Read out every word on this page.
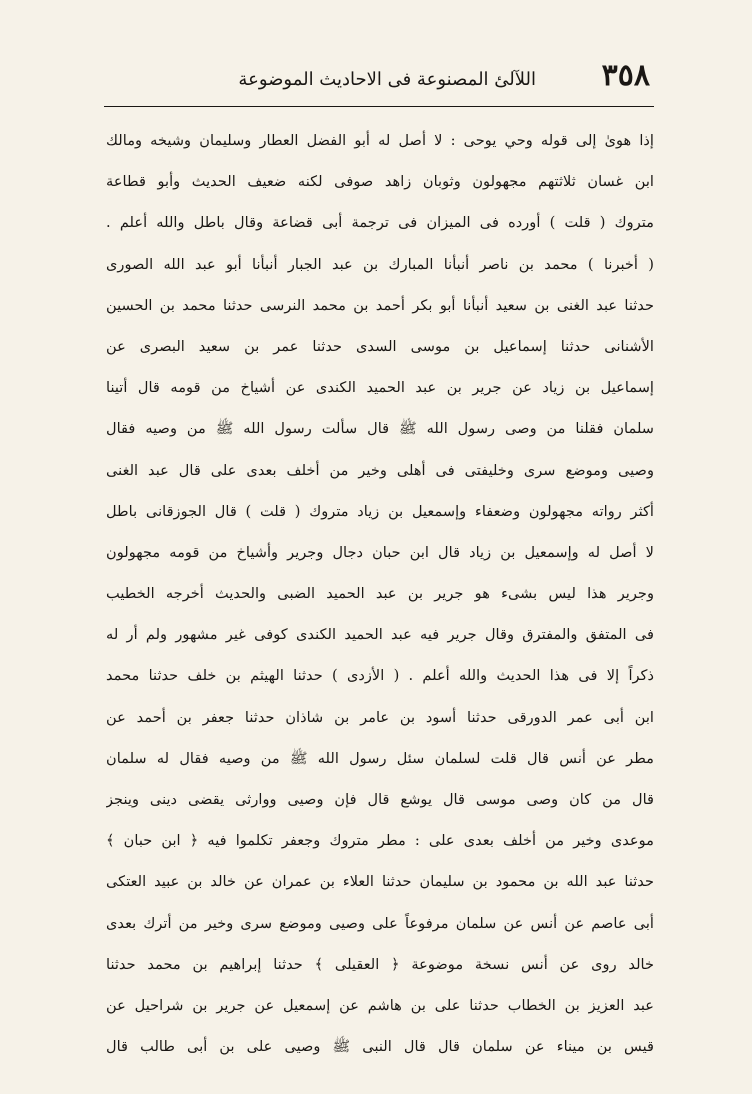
٣٥٨
اللآلئ المصنوعة فى الاحاديث الموضوعة
إذا هوىٰ إلى قوله وحي يوحى : لا أصل له أبو الفضل العطار وسليمان وشيخه ومالك
ابن غسان ثلاثتهم مجهولون وثوبان زاهد صوفى لكنه ضعيف الحديث وأبو قطاعة
متروك ( قلت ) أورده فى الميزان فى ترجمة أبى قضاعة وقال باطل والله أعلم .
( أخبرنا ) محمد بن ناصر أنبأنا المبارك بن عبد الجبار أنبأنا أبو عبد الله الصورى
حدثنا عبد الغنى بن سعيد أنبأنا أبو بكر أحمد بن محمد النرسى حدثنا محمد بن الحسين
الأشنانى حدثنا إسماعيل بن موسى السدى حدثنا عمر بن سعيد البصرى عن
إسماعيل بن زياد عن جرير بن عبد الحميد الكندى عن أشياخ من قومه قال أتينا
سلمان فقلنا من وصى رسول الله ﷺ قال سألت رسول الله ﷺ من وصيه فقال
وصيى وموضع سرى وخليفتى فى أهلى وخير من أخلف بعدى على قال عبد الغنى
أكثر رواته مجهولون وضعفاء وإسمعيل بن زياد متروك ( قلت ) قال الجوزقانى باطل
لا أصل له وإسمعيل بن زياد قال ابن حبان دجال وجرير وأشياخ من قومه مجهولون
وجرير هذا ليس بشىء هو جرير بن عبد الحميد الضبى والحديث أخرجه الخطيب
فى المتفق والمفترق وقال جرير فيه عبد الحميد الكندى كوفى غير مشهور ولم أر له
ذكراً إلا فى هذا الحديث والله أعلم . ( الأزدى ) حدثنا الهيثم بن خلف حدثنا محمد
ابن أبى عمر الدورقى حدثنا أسود بن عامر بن شاذان حدثنا جعفر بن أحمد عن
مطر عن أنس قال قلت لسلمان سئل رسول الله ﷺ من وصيه فقال له سلمان
قال من كان وصى موسى قال يوشع قال فإن وصيى ووارثى يقضى دينى وينجز
موعدى وخير من أخلف بعدى على : مطر متروك وجعفر تكلموا فيه ﴿ ابن حبان ﴾
حدثنا عبد الله بن محمود بن سليمان حدثنا العلاء بن عمران عن خالد بن عبيد العتكى
أبى عاصم عن أنس عن سلمان مرفوعاً على وصيى وموضع سرى وخير من أترك بعدى
خالد روى عن أنس نسخة موضوعة ﴿ العقيلى ﴾ حدثنا إبراهيم بن محمد حدثنا
عبد العزيز بن الخطاب حدثنا على بن هاشم عن إسمعيل عن جرير بن شراحيل عن
قيس بن ميناء عن سلمان قال قال النبى ﷺ وصيى على بن أبى طالب قال
